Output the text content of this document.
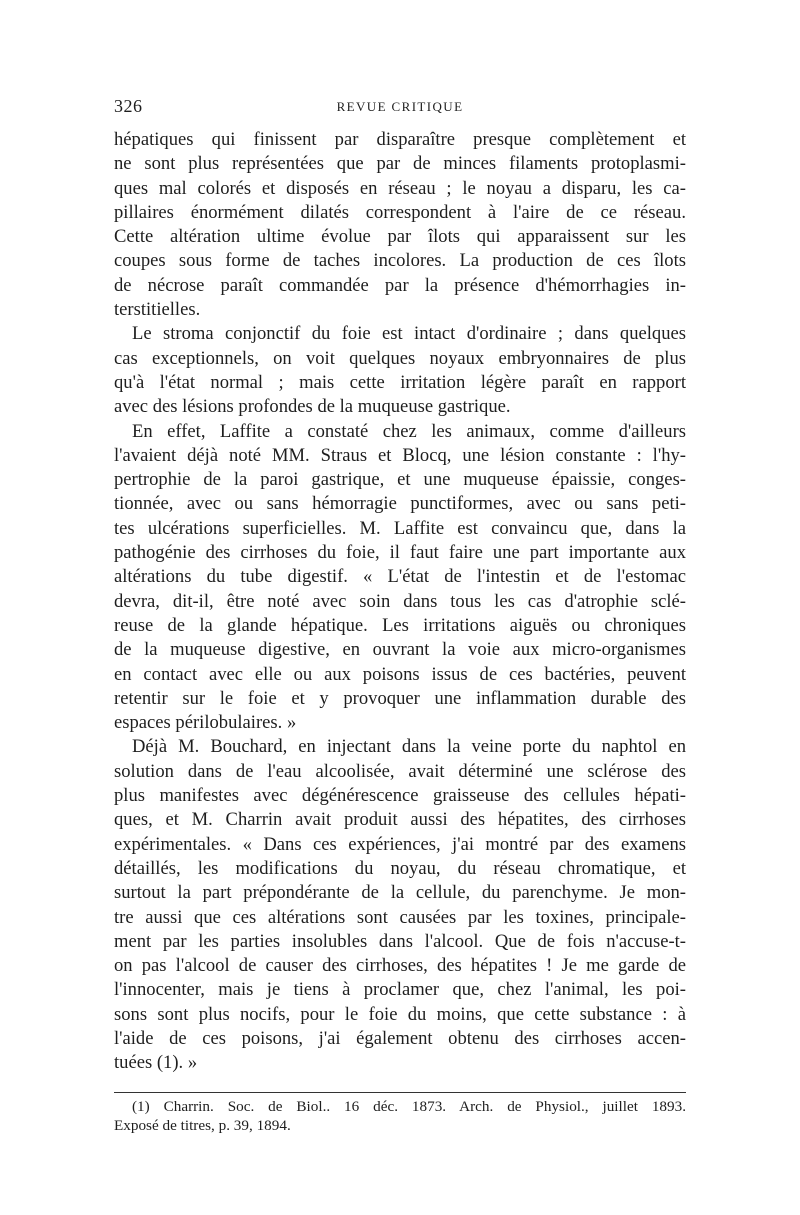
326	REVUE CRITIQUE
hépatiques qui finissent par disparaître presque complètement et
ne sont plus représentées que par de minces filaments protoplasmi-
ques mal colorés et disposés en réseau ; le noyau a disparu, les ca-
pillaires énormément dilatés correspondent à l'aire de ce réseau.
Cette altération ultime évolue par îlots qui apparaissent sur les
coupes sous forme de taches incolores. La production de ces îlots
de nécrose paraît commandée par la présence d'hémorrhagies in-
terstitielles.
Le stroma conjonctif du foie est intact d'ordinaire ; dans quelques
cas exceptionnels, on voit quelques noyaux embryonnaires de plus
qu'à l'état normal ; mais cette irritation légère paraît en rapport
avec des lésions profondes de la muqueuse gastrique.
En effet, Laffite a constaté chez les animaux, comme d'ailleurs
l'avaient déjà noté MM. Straus et Blocq, une lésion constante : l'hy-
pertrophie de la paroi gastrique, et une muqueuse épaissie, conges-
tionnée, avec ou sans hémorragie punctiformes, avec ou sans peti-
tes ulcérations superficielles. M. Laffite est convaincu que, dans la
pathogénie des cirrhoses du foie, il faut faire une part importante aux
altérations du tube digestif. « L'état de l'intestin et de l'estomac
devra, dit-il, être noté avec soin dans tous les cas d'atrophie sclé-
reuse de la glande hépatique. Les irritations aiguës ou chroniques
de la muqueuse digestive, en ouvrant la voie aux micro-organismes
en contact avec elle ou aux poisons issus de ces bactéries, peuvent
retentir sur le foie et y provoquer une inflammation durable des
espaces périlobulaires. »
Déjà M. Bouchard, en injectant dans la veine porte du naphtol en
solution dans de l'eau alcoolisée, avait déterminé une sclérose des
plus manifestes avec dégénérescence graisseuse des cellules hépati-
ques, et M. Charrin avait produit aussi des hépatites, des cirrhoses
expérimentales. « Dans ces expériences, j'ai montré par des examens
détaillés, les modifications du noyau, du réseau chromatique, et
surtout la part prépondérante de la cellule, du parenchyme. Je mon-
tre aussi que ces altérations sont causées par les toxines, principale-
ment par les parties insolubles dans l'alcool. Que de fois n'accuse-t-
on pas l'alcool de causer des cirrhoses, des hépatites ! Je me garde de
l'innocenter, mais je tiens à proclamer que, chez l'animal, les poi-
sons sont plus nocifs, pour le foie du moins, que cette substance : à
l'aide de ces poisons, j'ai également obtenu des cirrhoses accen-
tuées (1). »
(1) Charrin. Soc. de Biol.. 16 déc. 1873. Arch. de Physiol., juillet 1893.
Exposé de titres, p. 39, 1894.
